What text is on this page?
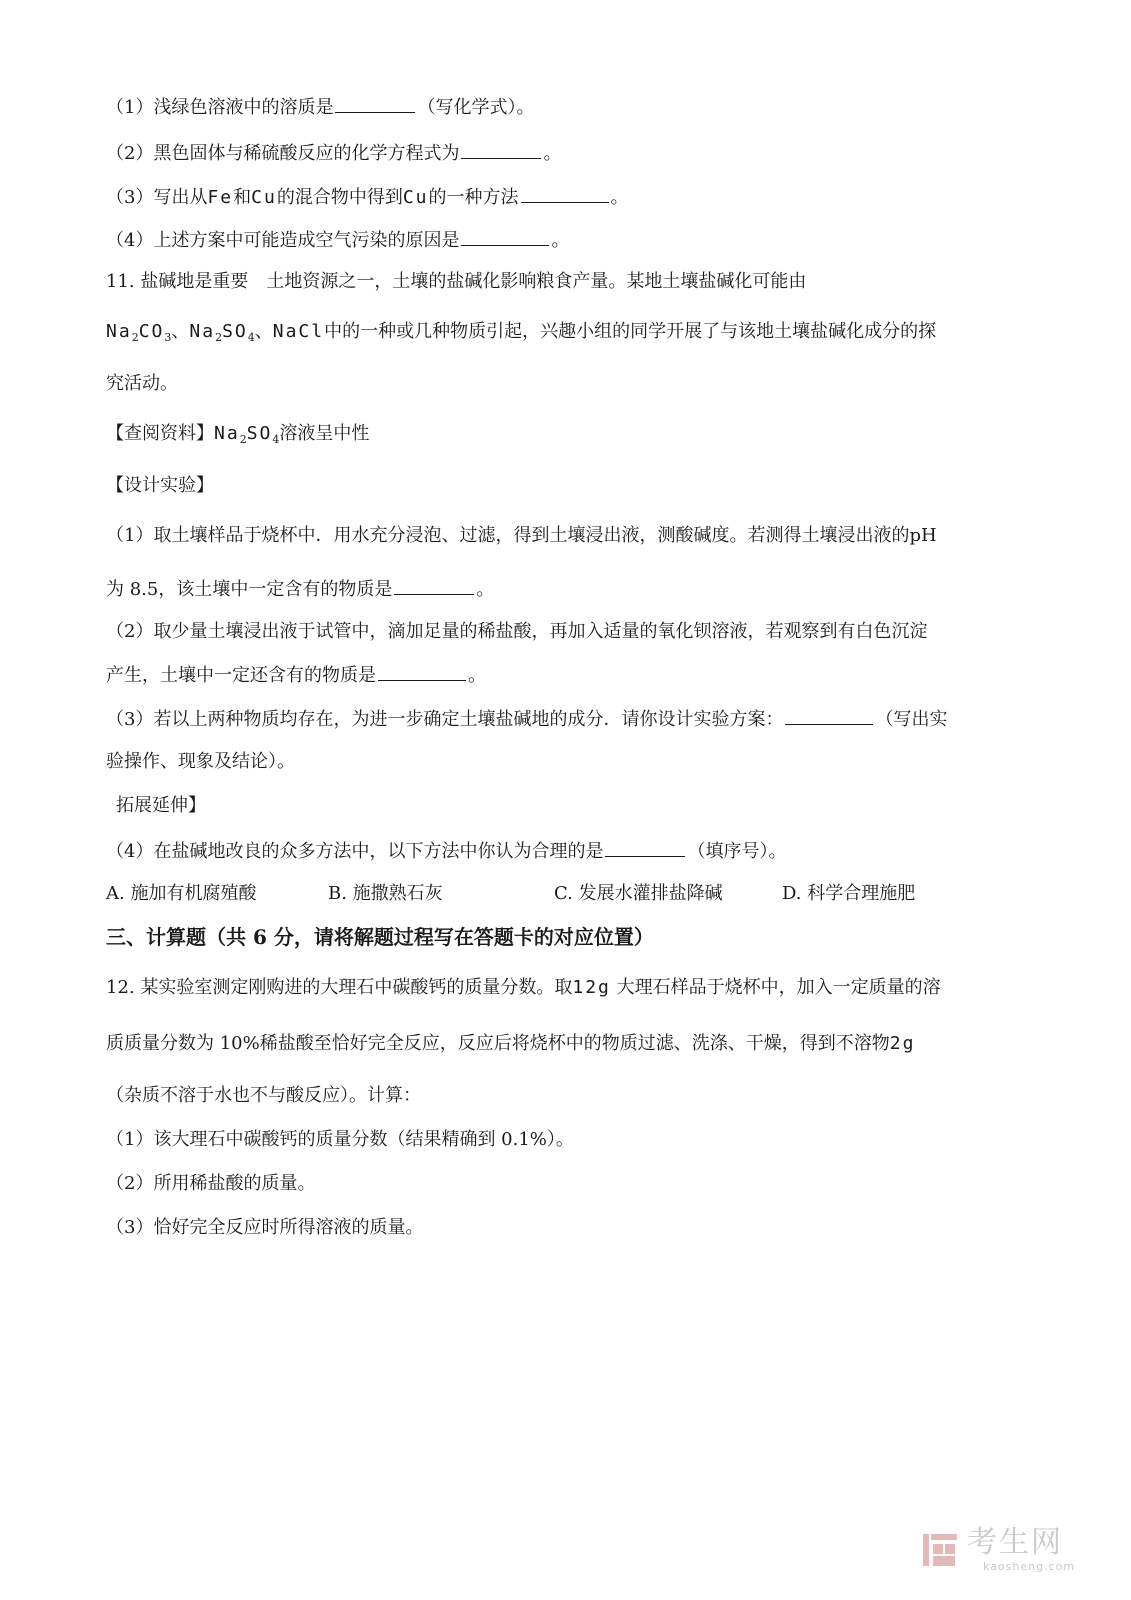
（1）浅绿色溶液中的溶质是	（写化学式）。
（2）黑色固体与稀硫酸反应的化学方程式为	。
（3）写出从Fe和Cu的混合物中得到Cu的一种方法	。
（4）上述方案中可能造成空气污染的原因是	。
11. 盐碱地是重要　土地资源之一，土壤的盐碱化影响粮食产量。某地土壤盐碱化可能由
$Na_2CO_3$、$Na_2SO_4$、NaCl中的一种或几种物质引起，兴趣小组的同学开展了与该地土壤盐碱化成分的探
究活动。
【查阅资料】$Na_2SO_4$溶液呈中性
【设计实验】
（1）取土壤样品于烧杯中．用水充分浸泡、过滤，得到土壤浸出液，测酸碱度。若测得土壤浸出液的pH
为 8.5，该土壤中一定含有的物质是	。
（2）取少量土壤浸出液于试管中，滴加足量的稀盐酸，再加入适量的氧化钡溶液，若观察到有白色沉淀
产生，土壤中一定还含有的物质是	。
（3）若以上两种物质均存在，为进一步确定土壤盐碱地的成分．请你设计实验方案：	（写出实
验操作、现象及结论）。
拓展延伸】
（4）在盐碱地改良的众多方法中，以下方法中你认为合理的是	（填序号）。
A. 施加有机腐殖酸	B. 施撒熟石灰	C. 发展水灌排盐降碱	D. 科学合理施肥
三、计算题（共 6 分，请将解题过程写在答题卡的对应位置）
12. 某实验室测定刚购进的大理石中碳酸钙的质量分数。取12g 大理石样品于烧杯中，加入一定质量的溶
质质量分数为 10%稀盐酸至恰好完全反应，反应后将烧杯中的物质过滤、洗涤、干燥，得到不溶物2g
（杂质不溶于水也不与酸反应）。计算：
（1）该大理石中碳酸钙的质量分数（结果精确到 0.1%）。
（2）所用稀盐酸的质量。
（3）恰好完全反应时所得溶液的质量。
考生网
kaosheng.com
